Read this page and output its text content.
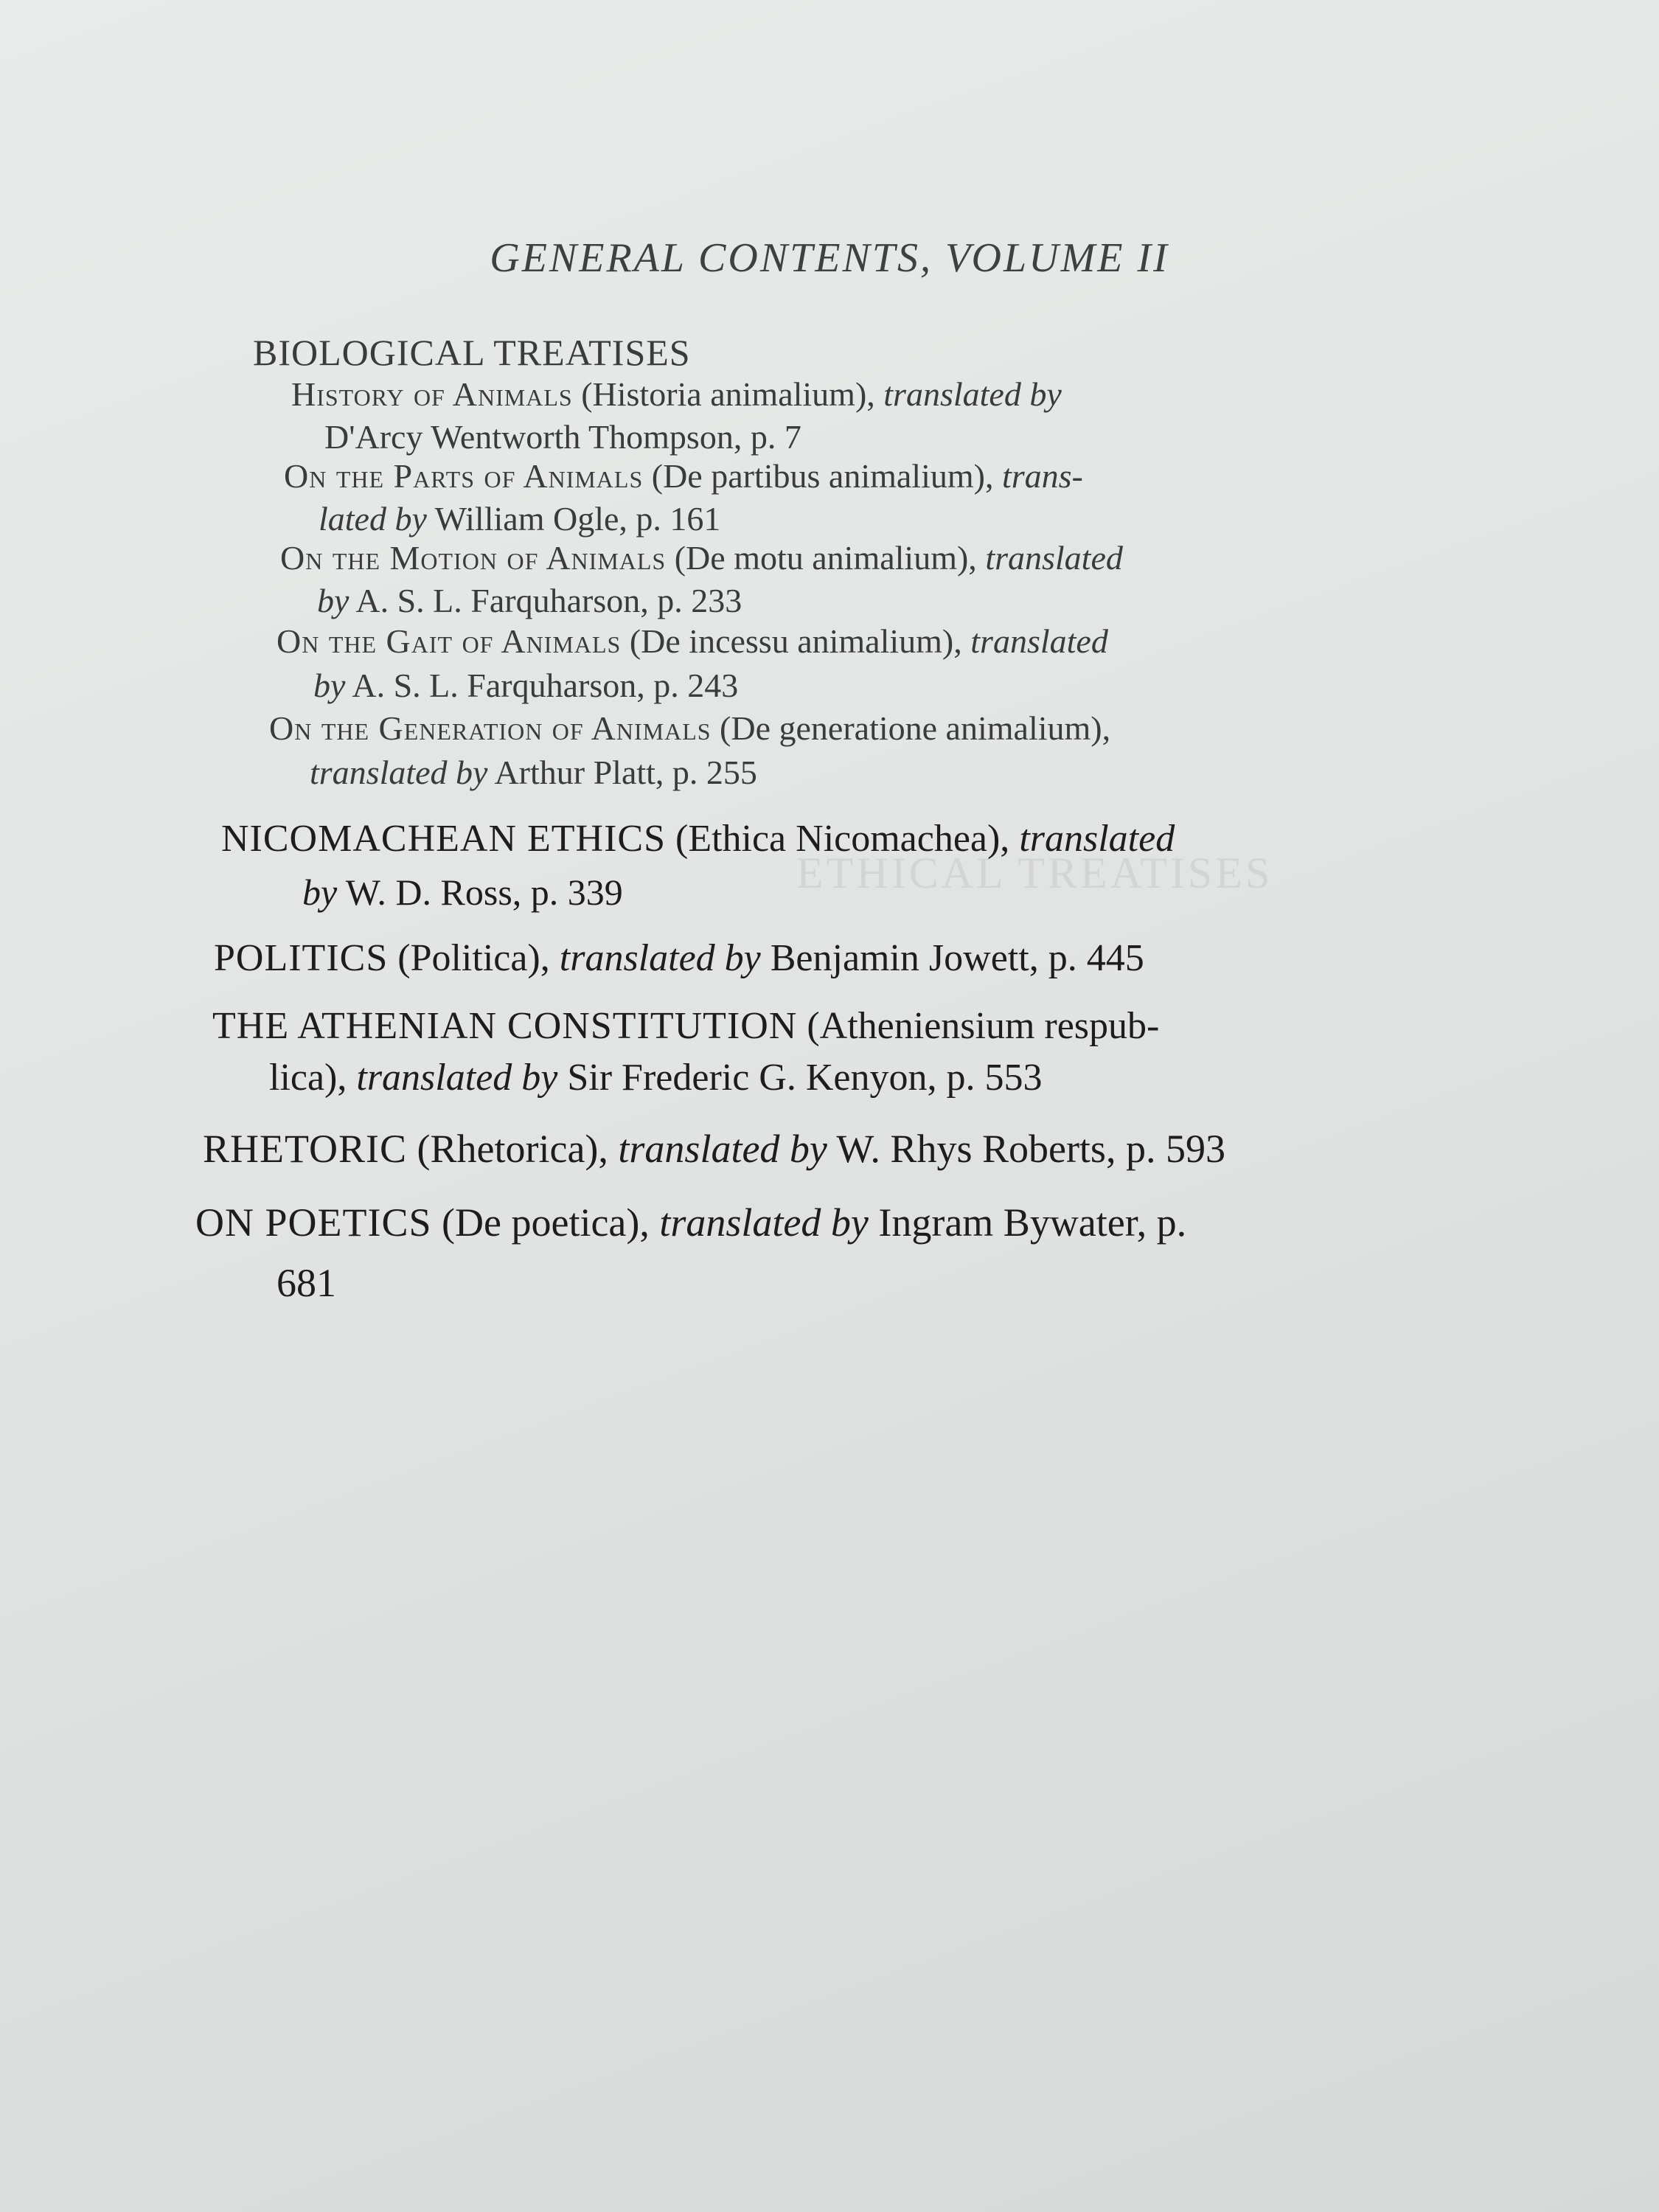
ETHICAL TREATISES
GENERAL CONTENTS, VOLUME II
BIOLOGICAL TREATISES
History of Animals (Historia animalium), translated by
D'Arcy Wentworth Thompson, p. 7
On the Parts of Animals (De partibus animalium), trans-
lated by William Ogle, p. 161
On the Motion of Animals (De motu animalium), translated
by A. S. L. Farquharson, p. 233
On the Gait of Animals (De incessu animalium), translated
by A. S. L. Farquharson, p. 243
On the Generation of Animals (De generatione animalium),
translated by Arthur Platt, p. 255
NICOMACHEAN ETHICS (Ethica Nicomachea), translated
by W. D. Ross, p. 339
POLITICS (Politica), translated by Benjamin Jowett, p. 445
THE ATHENIAN CONSTITUTION (Atheniensium respub-
lica), translated by Sir Frederic G. Kenyon, p. 553
RHETORIC (Rhetorica), translated by W. Rhys Roberts, p. 593
ON POETICS (De poetica), translated by Ingram Bywater, p.
681
